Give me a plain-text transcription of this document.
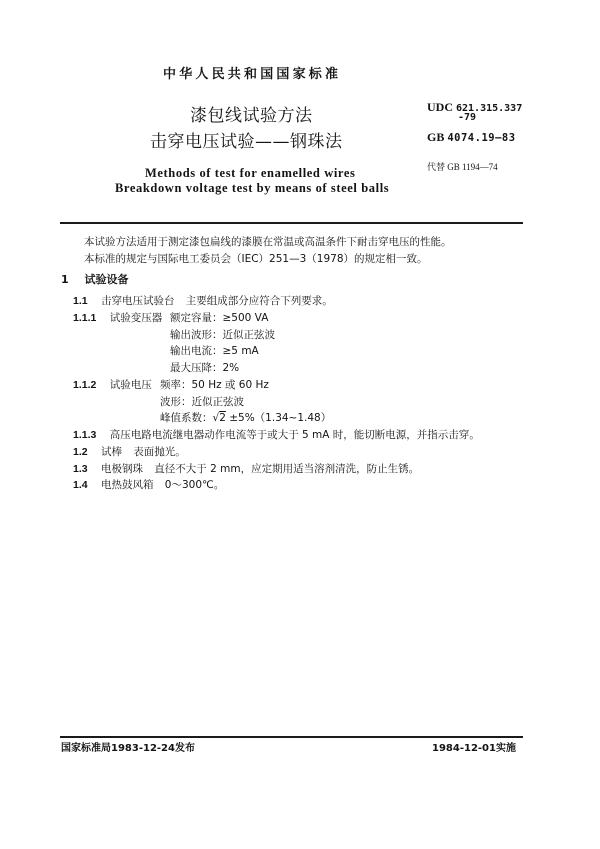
中华人民共和国国家标准
漆包线试验方法
击穿电压试验——钢珠法
Methods of test for enamelled wires
Breakdown voltage test by means of steel balls
UDC 621.315.337
-79
GB 4074.19—83
代替 GB 1194—74
本试验方法适用于测定漆包扁线的漆膜在常温或高温条件下耐击穿电压的性能。
本标准的规定与国际电工委员会（IEC）251—3（1978）的规定相一致。
1 试验设备
1.1 击穿电压试验台 主要组成部分应符合下列要求。
1.1.1 试验变压器 额定容量：≥500 VA
输出波形：近似正弦波
输出电流：≥5 mA
最大压降：2%
1.1.2 试验电压 频率：50 Hz 或 60 Hz
波形：近似正弦波
峰值系数：√2 ±5%（1.34~1.48）
1.1.3 高压电路电流继电器动作电流等于或大于 5 mA 时，能切断电源，并指示击穿。
1.2 试棒 表面抛光。
1.3 电极钢珠 直径不大于 2 mm，应定期用适当溶剂清洗，防止生锈。
1.4 电热鼓风箱 0～300℃。
国家标准局1983-12-24发布	1984-12-01实施
